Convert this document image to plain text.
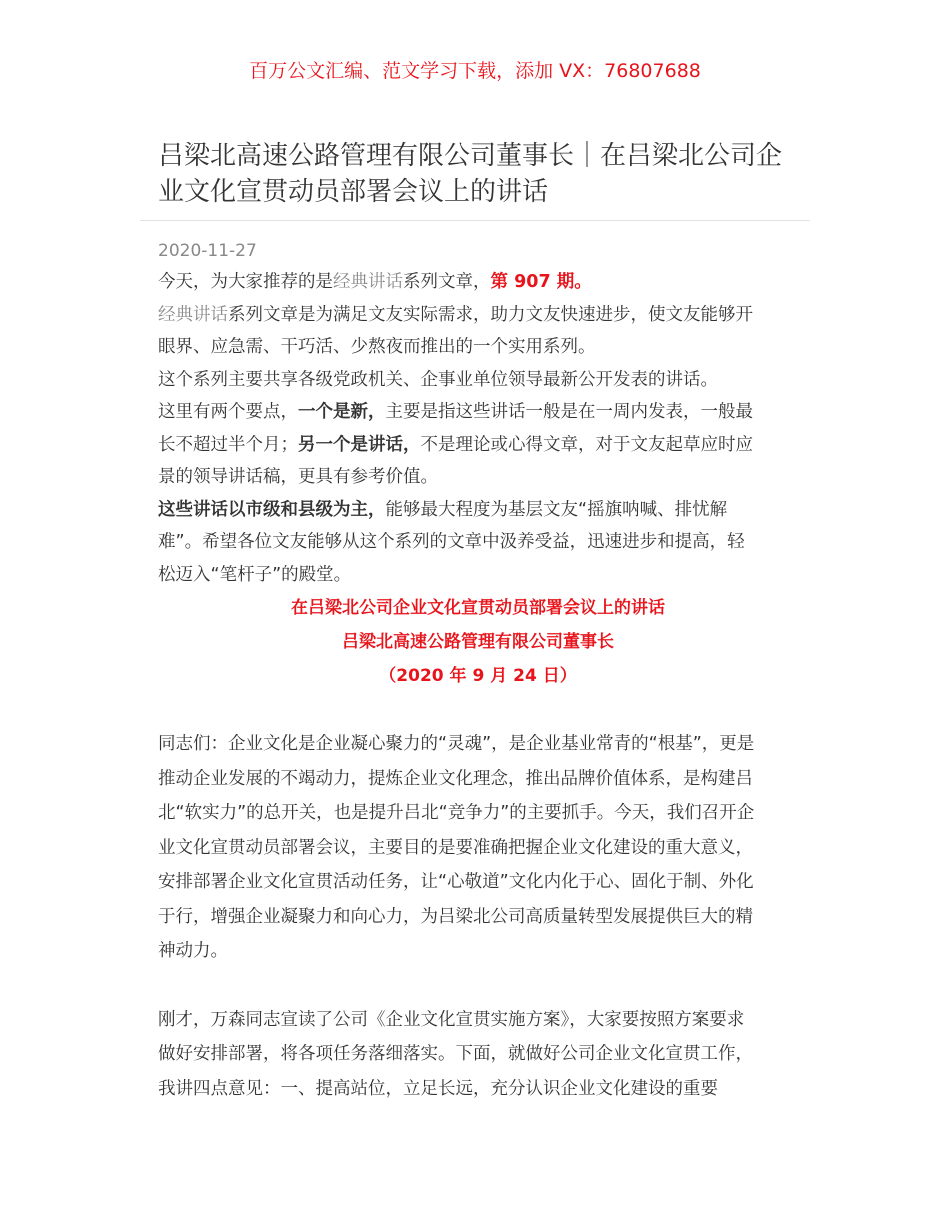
百万公文汇编、范文学习下载，添加 VX：76807688
吕梁北高速公路管理有限公司董事长｜在吕梁北公司企
业文化宣贯动员部署会议上的讲话
2020-11-27
今天，为大家推荐的是经典讲话系列文章，第 907 期。
经典讲话系列文章是为满足文友实际需求，助力文友快速进步，使文友能够开
眼界、应急需、干巧活、少熬夜而推出的一个实用系列。
这个系列主要共享各级党政机关、企事业单位领导最新公开发表的讲话。
这里有两个要点，一个是新，主要是指这些讲话一般是在一周内发表，一般最
长不超过半个月；另一个是讲话，不是理论或心得文章，对于文友起草应时应
景的领导讲话稿，更具有参考价值。
这些讲话以市级和县级为主，能够最大程度为基层文友“摇旗呐喊、排忧解
难”。希望各位文友能够从这个系列的文章中汲养受益，迅速进步和提高，轻
松迈入“笔杆子”的殿堂。
在吕梁北公司企业文化宣贯动员部署会议上的讲话
吕梁北高速公路管理有限公司董事长
（2020 年 9 月 24 日）
同志们：企业文化是企业凝心聚力的“灵魂”，是企业基业常青的“根基”，更是
推动企业发展的不竭动力，提炼企业文化理念，推出品牌价值体系，是构建吕
北“软实力”的总开关，也是提升吕北“竞争力”的主要抓手。今天，我们召开企
业文化宣贯动员部署会议，主要目的是要准确把握企业文化建设的重大意义，
安排部署企业文化宣贯活动任务，让“心敬道”文化内化于心、固化于制、外化
于行，增强企业凝聚力和向心力，为吕梁北公司高质量转型发展提供巨大的精
神动力。
刚才，万森同志宣读了公司《企业文化宣贯实施方案》，大家要按照方案要求
做好安排部署，将各项任务落细落实。下面，就做好公司企业文化宣贯工作，
我讲四点意见：一、提高站位，立足长远，充分认识企业文化建设的重要
